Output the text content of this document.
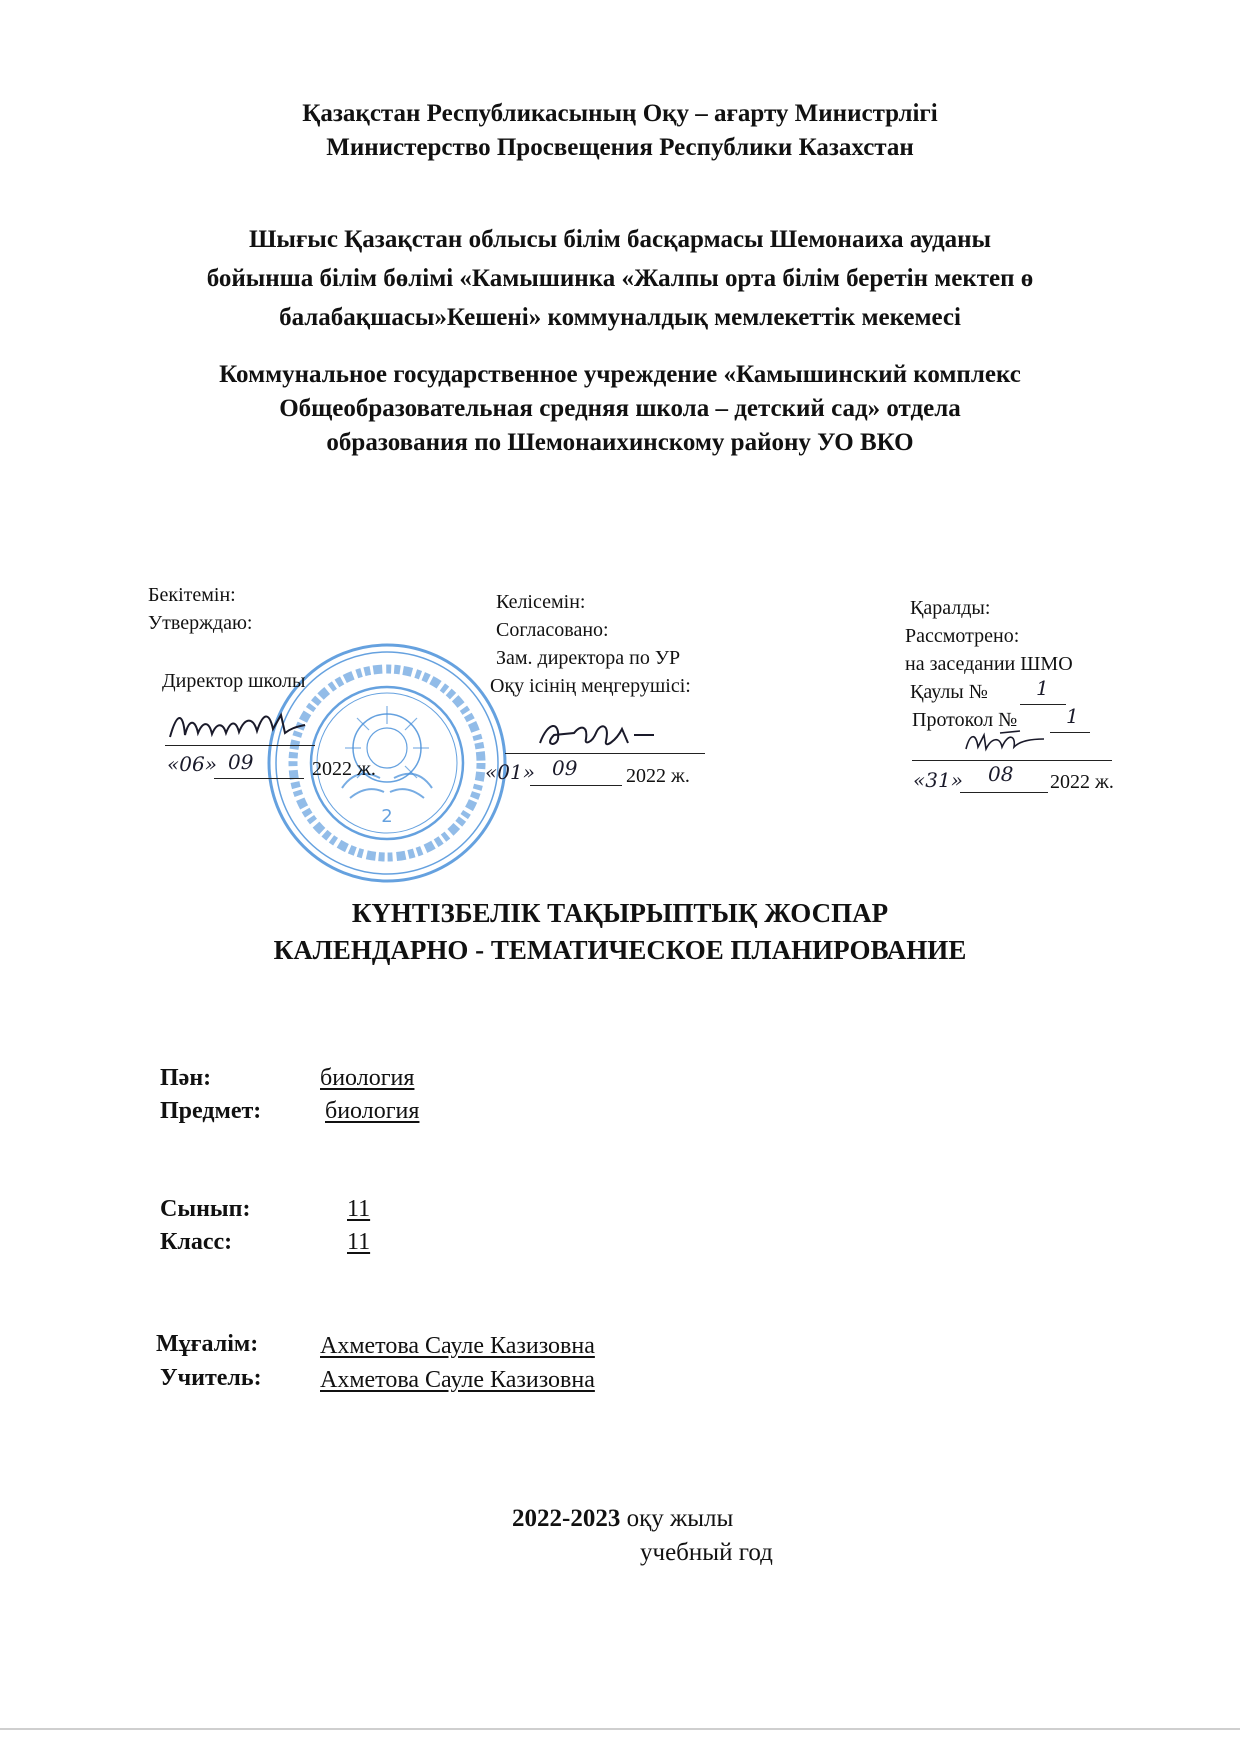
Қазақстан Республикасының Оқу – ағарту Министрлігі
Министерство Просвещения Республики Казахстан
Шығыс Қазақстан облысы білім басқармасы Шемонаиха ауданы
бойынша білім бөлімі «Камышинка «Жалпы орта білім беретін мектеп ө
балабақшасы»Кешені» коммуналдық мемлекеттік мекемесі
Коммунальное государственное учреждение «Камышинский комплекс
Общеобразовательная средняя школа – детский сад» отдела
образования по Шемонаихинскому району УО ВКО
2
Бекітемін:
Утверждаю:
Директор школы
«06» 09	2022 ж.
Келісемін:
Согласовано:
Зам. директора по УР
Оқу ісінің меңгерушісі:
«01» 09 2022 ж.
Қаралды:
Рассмотрено:
на заседании ШМО
Қаулы № 1
Протокол № 1
«31» 08 2022 ж.
КҮНТІЗБЕЛІК ТАҚЫРЫПТЫҚ ЖОСПАР
КАЛЕНДАРНО - ТЕМАТИЧЕСКОЕ ПЛАНИРОВАНИЕ
Пән:	биология
Предмет:	биология
Сынып:	11
Класс:	11
Мұғалім:	Ахметова Сауле Казизовна
Учитель: Ахметова Сауле Казизовна
2022-2023 оқу жылы
учебный год
